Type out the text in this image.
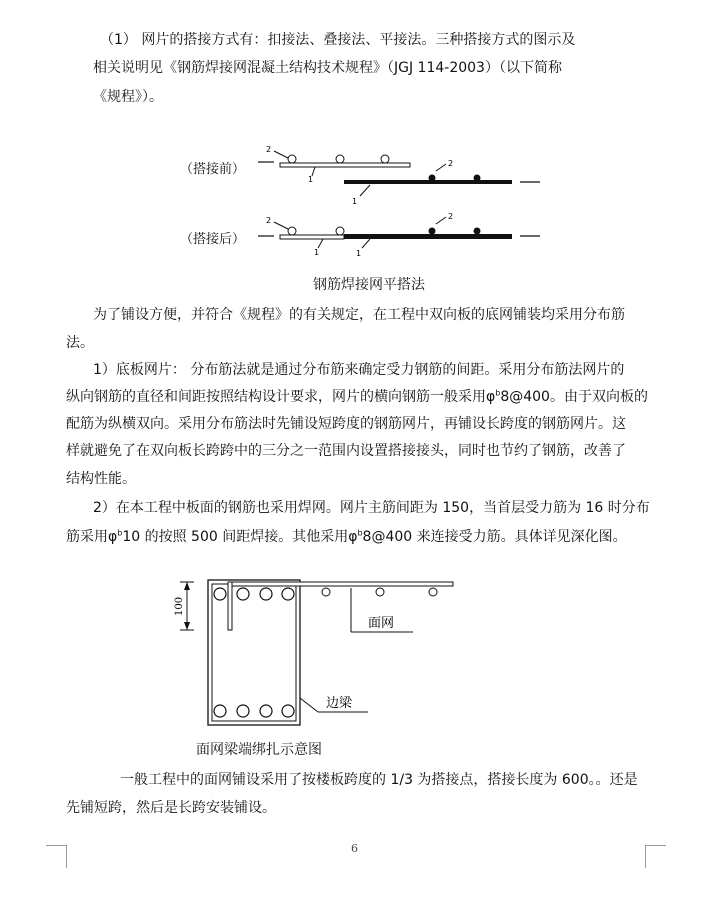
（1） 网片的搭接方式有：扣接法、叠接法、平接法。三种搭接方式的图示及
相关说明见《钢筋焊接网混凝土结构技术规程》（JGJ 114-2003）（以下简称
《规程》）。
（搭接前）
2
1
2
1
（搭接后）
2	2
1	1
钢筋焊接网平搭法
为了铺设方便，并符合《规程》的有关规定，在工程中双向板的底网铺装均采用分布筋
法。
1）底板网片： 分布筋法就是通过分布筋来确定受力钢筋的间距。采用分布筋法网片的
纵向钢筋的直径和间距按照结构设计要求，网片的横向钢筋一般采用$\varphi^b8@400$。由于双向板的
配筋为纵横双向。采用分布筋法时先铺设短跨度的钢筋网片，再铺设长跨度的钢筋网片。这
样就避免了在双向板长跨跨中的三分之一范围内设置搭接接头，同时也节约了钢筋，改善了
结构性能。
2）在本工程中板面的钢筋也采用焊网。网片主筋间距为 150，当首层受力筋为 16 时分布
筋采用$\varphi^b10$ 的按照 500 间距焊接。其他采用$\varphi^b8@400$ 来连接受力筋。具体详见深化图。
100
面网
边梁
面网梁端绑扎示意图
一般工程中的面网铺设采用了按楼板跨度的 1/3 为搭接点，搭接长度为 600。。还是
先铺短跨，然后是长跨安装铺设。
6
